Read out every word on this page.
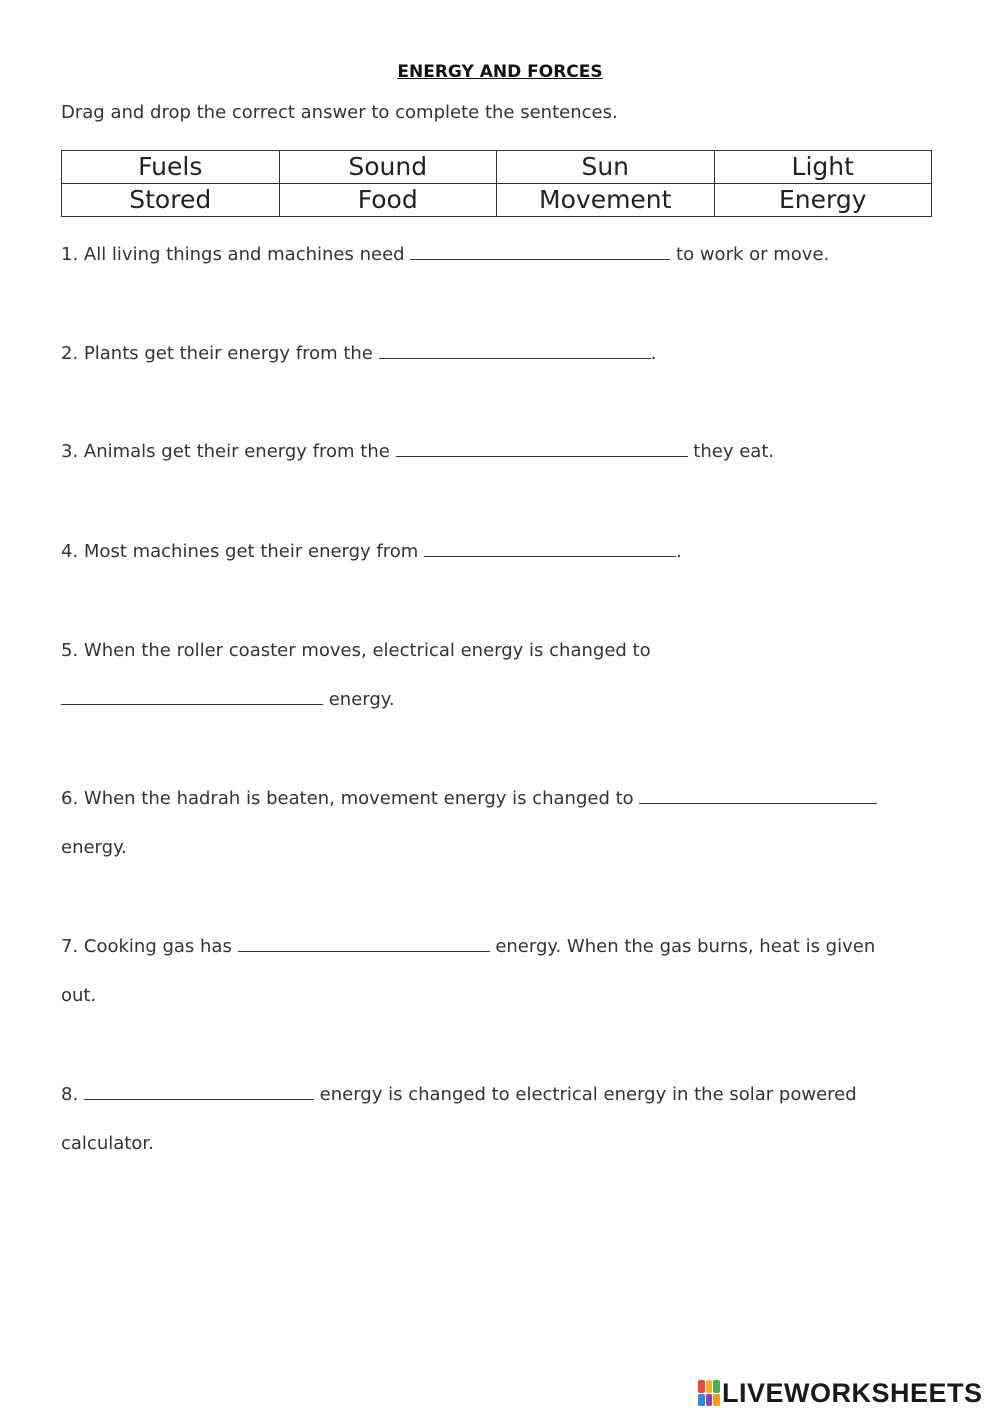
ENERGY AND FORCES
Drag and drop the correct answer to complete the sentences.
Fuels	Sound	Sun	Light
Stored	Food	Movement	Energy
1. All living things and machines need	to work or move.
2. Plants get their energy from the	.
3. Animals get their energy from the	they eat.
4. Most machines get their energy from	.
5. When the roller coaster moves, electrical energy is changed to
energy.
6. When the hadrah is beaten, movement energy is changed to
energy.
7. Cooking gas has	energy. When the gas burns, heat is given
out.
8.	energy is changed to electrical energy in the solar powered
calculator.
LIVEWORKSHEETS
